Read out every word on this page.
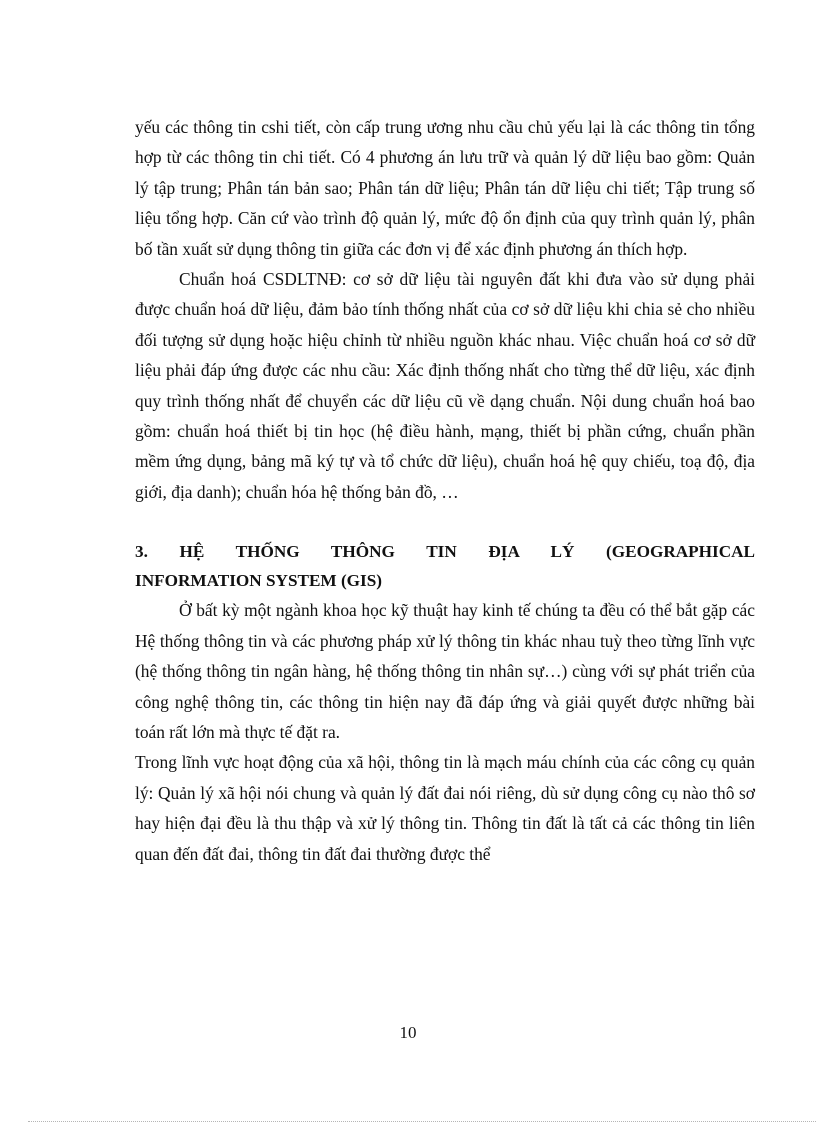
yếu các thông tin cshi tiết, còn cấp trung ương nhu cầu chủ yếu lại là các thông tin tổng hợp từ các thông tin chi tiết. Có 4 phương án lưu trữ và quản lý dữ liệu bao gồm: Quản lý tập trung; Phân tán bản sao; Phân tán dữ liệu; Phân tán dữ liệu chi tiết; Tập trung số liệu tổng hợp. Căn cứ vào trình độ quản lý, mức độ ổn định của quy trình quản lý, phân bố tần xuất sử dụng thông tin giữa các đơn vị để xác định phương án thích hợp.

Chuẩn hoá CSDLTNĐ: cơ sở dữ liệu tài nguyên đất khi đưa vào sử dụng phải được chuẩn hoá dữ liệu, đảm bảo tính thống nhất của cơ sở dữ liệu khi chia sẻ cho nhiều đối tượng sử dụng hoặc hiệu chỉnh từ nhiều nguồn khác nhau. Việc chuẩn hoá cơ sở dữ liệu phải đáp ứng được các nhu cầu: Xác định thống nhất cho từng thể dữ liệu, xác định quy trình thống nhất để chuyển các dữ liệu cũ về dạng chuẩn. Nội dung chuẩn hoá bao gồm: chuẩn hoá thiết bị tin học (hệ điều hành, mạng, thiết bị phần cứng, chuẩn phần mềm ứng dụng, bảng mã ký tự và tổ chức dữ liệu), chuẩn hoá hệ quy chiếu, toạ độ, địa giới, địa danh); chuẩn hóa hệ thống bản đồ, …

3. HỆ THỐNG THÔNG TIN ĐỊA LÝ (GEOGRAPHICAL
INFORMATION SYSTEM (GIS)

Ở bất kỳ một ngành khoa học kỹ thuật hay kinh tế chúng ta đều có thể bắt gặp các Hệ thống thông tin và các phương pháp xử lý thông tin khác nhau tuỳ theo từng lĩnh vực (hệ thống thông tin ngân hàng, hệ thống thông tin nhân sự…) cùng với sự phát triển của công nghệ thông tin, các thông tin hiện nay đã đáp ứng và giải quyết được những bài toán rất lớn mà thực tế đặt ra.

Trong lĩnh vực hoạt động của xã hội, thông tin là mạch máu chính của các công cụ quản lý: Quản lý xã hội nói chung và quản lý đất đai nói riêng, dù sử dụng công cụ nào thô sơ hay hiện đại đều là thu thập và xử lý thông tin. Thông tin đất là tất cả các thông tin liên quan đến đất đai, thông tin đất đai thường được thể

10
